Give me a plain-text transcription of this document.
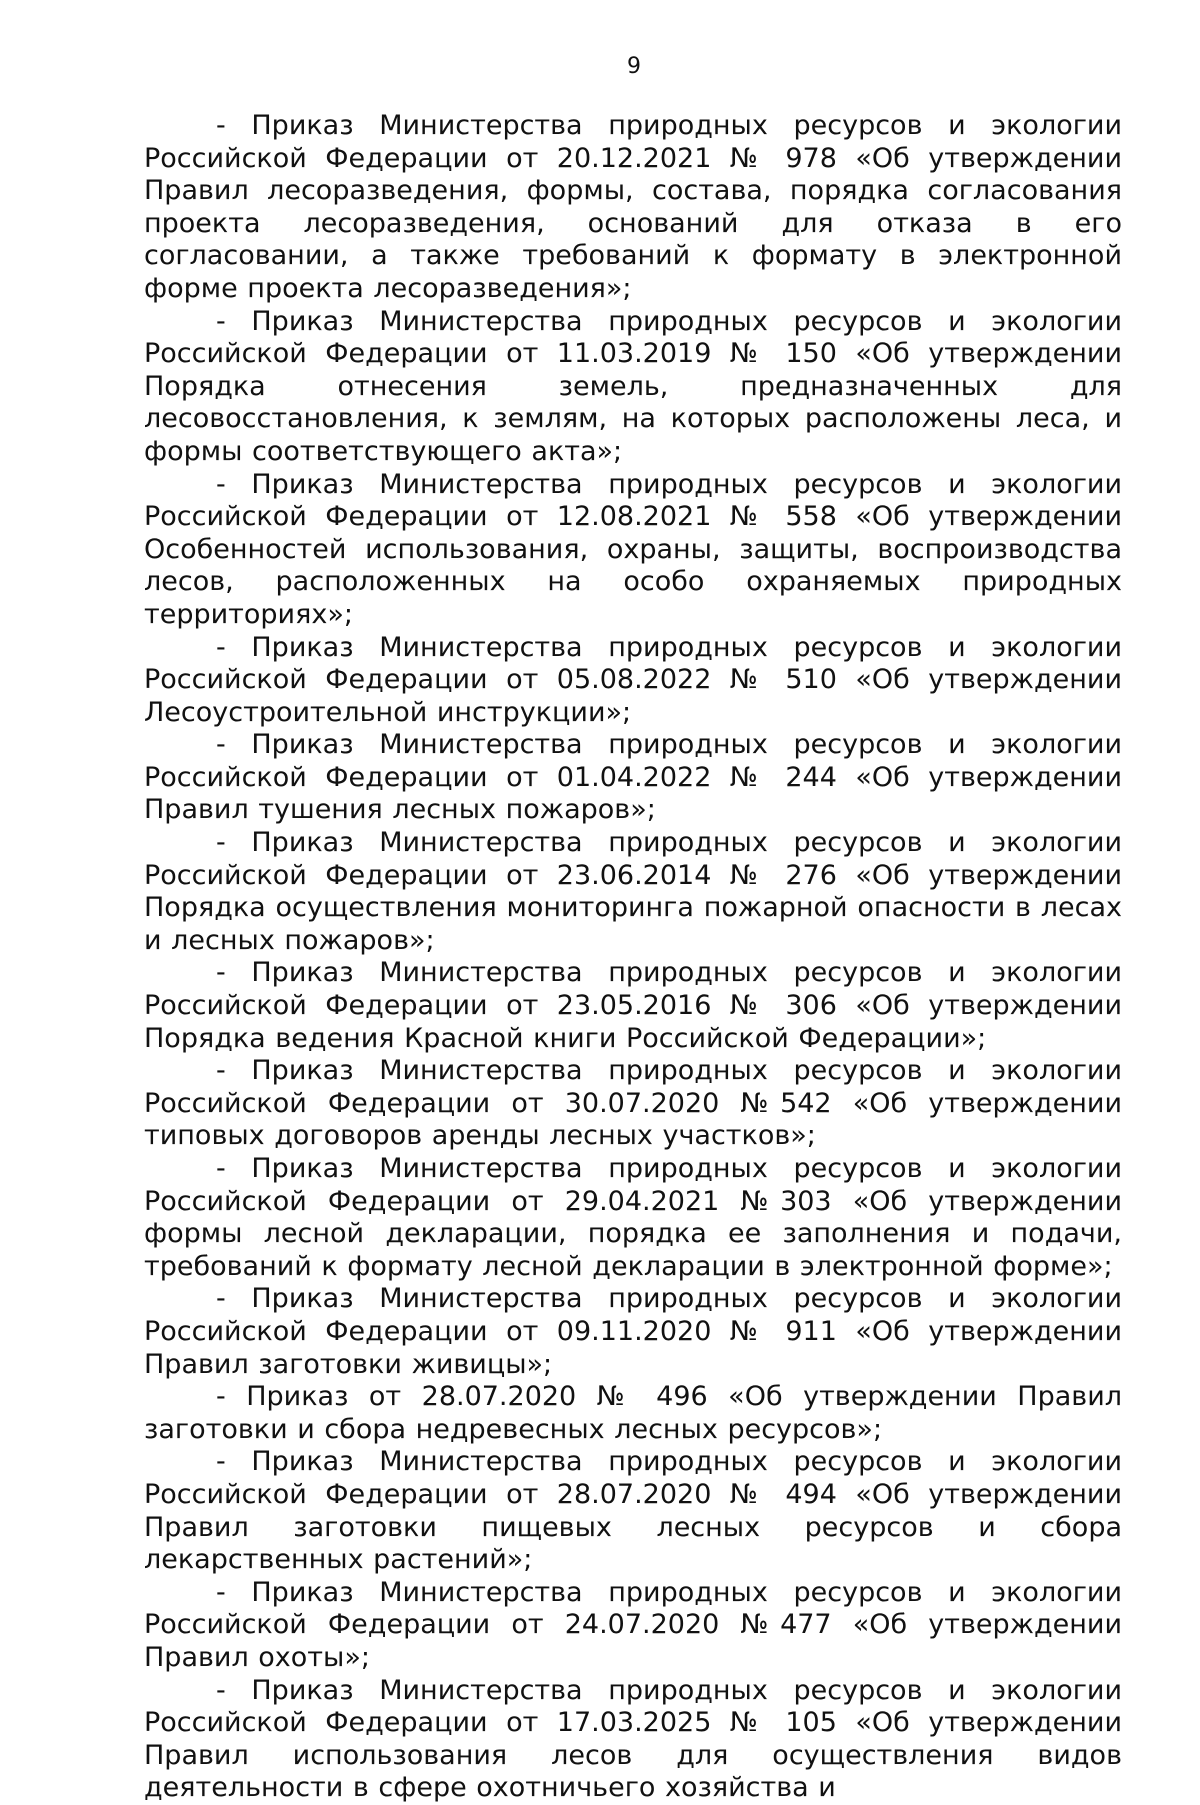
9

- Приказ Министерства природных ресурсов и экологии Российской Федерации от 20.12.2021 № 978 «Об утверждении Правил лесоразведения, формы, состава, порядка согласования проекта лесоразведения, оснований для отказа в его согласовании, а также требований к формату в электронной форме проекта лесоразведения»;

- Приказ Министерства природных ресурсов и экологии Российской Федерации от 11.03.2019 № 150 «Об утверждении Порядка отнесения земель, предназначенных для лесовосстановления, к землям, на которых расположены леса, и формы соответствующего акта»;

- Приказ Министерства природных ресурсов и экологии Российской Федерации от 12.08.2021 № 558 «Об утверждении Особенностей использования, охраны, защиты, воспроизводства лесов, расположенных на особо охраняемых природных территориях»;

- Приказ Министерства природных ресурсов и экологии Российской Федерации от 05.08.2022 № 510 «Об утверждении Лесоустроительной инструкции»;

- Приказ Министерства природных ресурсов и экологии Российской Федерации от 01.04.2022 № 244 «Об утверждении Правил тушения лесных пожаров»;

- Приказ Министерства природных ресурсов и экологии Российской Федерации от 23.06.2014 № 276 «Об утверждении Порядка осуществления мониторинга пожарной опасности в лесах и лесных пожаров»;

- Приказ Министерства природных ресурсов и экологии Российской Федерации от 23.05.2016 № 306 «Об утверждении Порядка ведения Красной книги Российской Федерации»;

- Приказ Министерства природных ресурсов и экологии Российской Федерации от 30.07.2020 №542 «Об утверждении типовых договоров аренды лесных участков»;

- Приказ Министерства природных ресурсов и экологии Российской Федерации от 29.04.2021 №303 «Об утверждении формы лесной декларации, порядка ее заполнения и подачи, требований к формату лесной декларации в электронной форме»;

- Приказ Министерства природных ресурсов и экологии Российской Федерации от 09.11.2020 № 911 «Об утверждении Правил заготовки живицы»;

- Приказ от 28.07.2020 № 496 «Об утверждении Правил заготовки и сбора недревесных лесных ресурсов»;

- Приказ Министерства природных ресурсов и экологии Российской Федерации от 28.07.2020 № 494 «Об утверждении Правил заготовки пищевых лесных ресурсов и сбора лекарственных растений»;

- Приказ Министерства природных ресурсов и экологии Российской Федерации от 24.07.2020 №477 «Об утверждении Правил охоты»;

- Приказ Министерства природных ресурсов и экологии Российской Федерации от 17.03.2025 № 105 «Об утверждении Правил использования лесов для осуществления видов деятельности в сфере охотничьего хозяйства и
